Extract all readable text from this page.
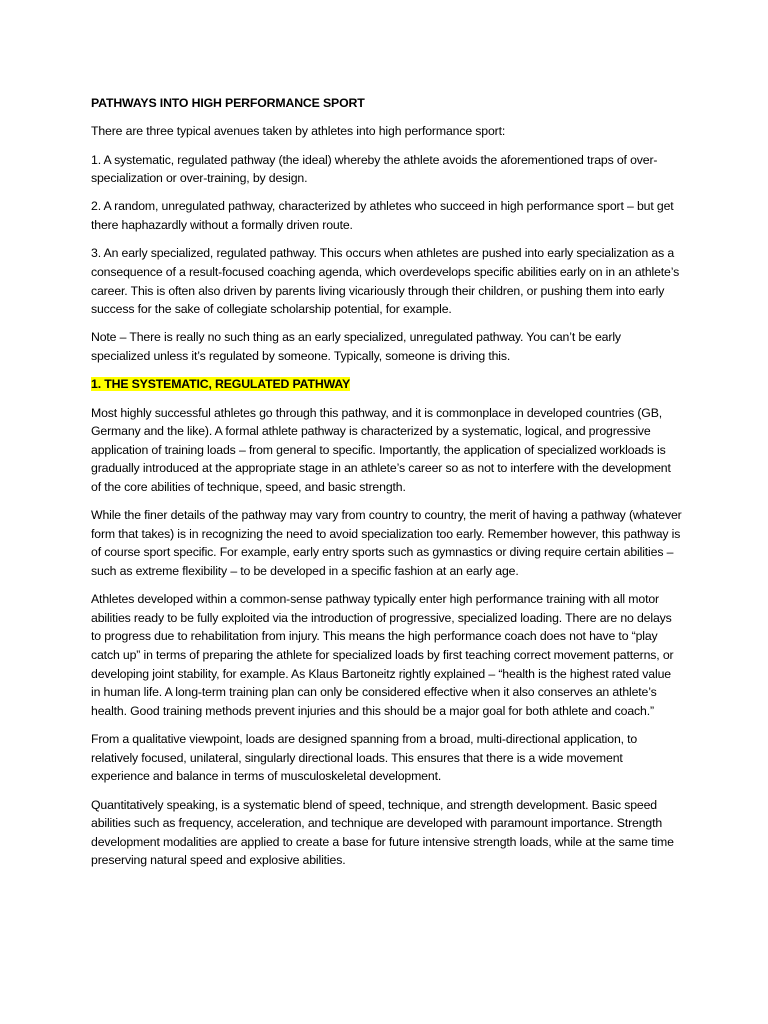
PATHWAYS INTO HIGH PERFORMANCE SPORT

There are three typical avenues taken by athletes into high performance sport:

1. A systematic, regulated pathway (the ideal) whereby the athlete avoids the aforementioned traps of over-specialization or over-training, by design.

2. A random, unregulated pathway, characterized by athletes who succeed in high performance sport – but get there haphazardly without a formally driven route.

3. An early specialized, regulated pathway. This occurs when athletes are pushed into early specialization as a consequence of a result-focused coaching agenda, which overdevelops specific abilities early on in an athlete’s career. This is often also driven by parents living vicariously through their children, or pushing them into early success for the sake of collegiate scholarship potential, for example.

Note – There is really no such thing as an early specialized, unregulated pathway. You can’t be early specialized unless it’s regulated by someone. Typically, someone is driving this.

1. THE SYSTEMATIC, REGULATED PATHWAY

Most highly successful athletes go through this pathway, and it is commonplace in developed countries (GB, Germany and the like). A formal athlete pathway is characterized by a systematic, logical, and progressive application of training loads – from general to specific. Importantly, the application of specialized workloads is gradually introduced at the appropriate stage in an athlete’s career so as not to interfere with the development of the core abilities of technique, speed, and basic strength.

While the finer details of the pathway may vary from country to country, the merit of having a pathway (whatever form that takes) is in recognizing the need to avoid specialization too early. Remember however, this pathway is of course sport specific. For example, early entry sports such as gymnastics or diving require certain abilities – such as extreme flexibility – to be developed in a specific fashion at an early age.

Athletes developed within a common-sense pathway typically enter high performance training with all motor abilities ready to be fully exploited via the introduction of progressive, specialized loading. There are no delays to progress due to rehabilitation from injury. This means the high performance coach does not have to “play catch up” in terms of preparing the athlete for specialized loads by first teaching correct movement patterns, or developing joint stability, for example. As Klaus Bartoneitz rightly explained – “health is the highest rated value in human life. A long-term training plan can only be considered effective when it also conserves an athlete’s health. Good training methods prevent injuries and this should be a major goal for both athlete and coach.”

From a qualitative viewpoint, loads are designed spanning from a broad, multi-directional application, to relatively focused, unilateral, singularly directional loads. This ensures that there is a wide movement experience and balance in terms of musculoskeletal development.

Quantitatively speaking, is a systematic blend of speed, technique, and strength development. Basic speed abilities such as frequency, acceleration, and technique are developed with paramount importance. Strength development modalities are applied to create a base for future intensive strength loads, while at the same time preserving natural speed and explosive abilities.
